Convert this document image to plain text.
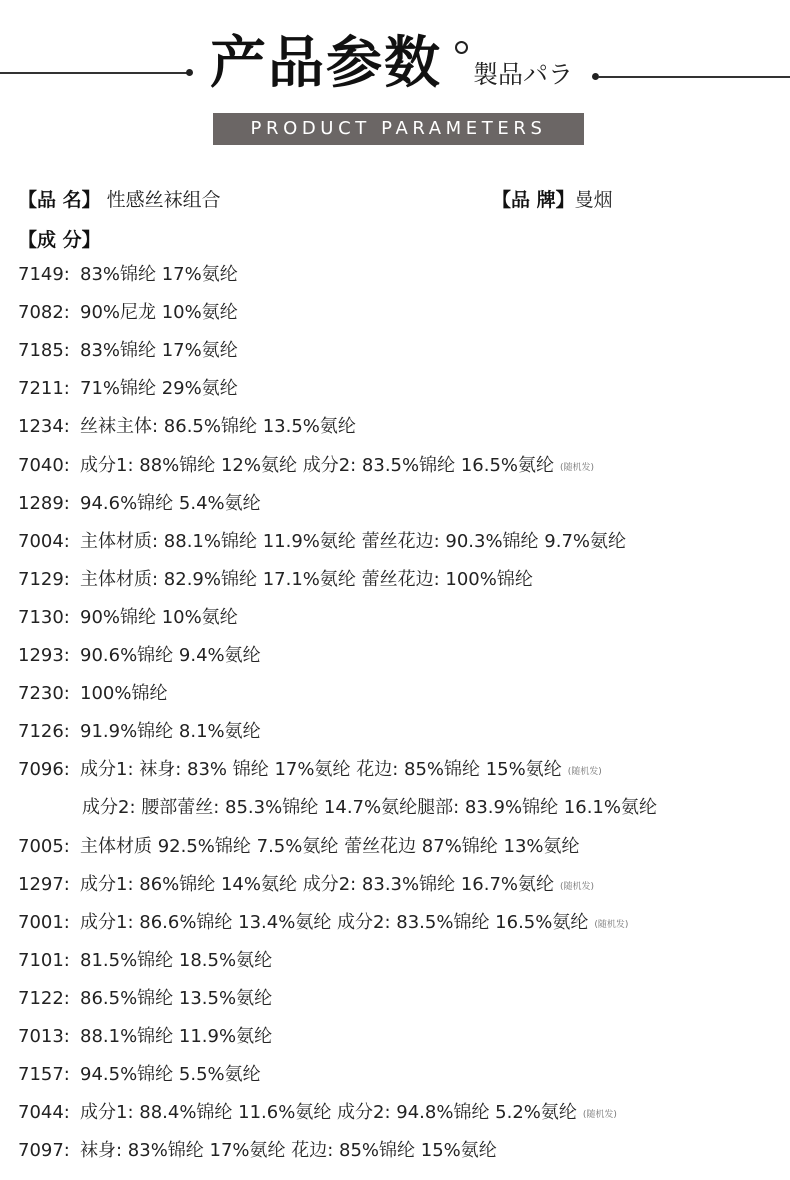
产品参数 製品パラ
PRODUCT PARAMETERS
【品 名】 性感丝袜组合	【品 牌】曼烟
【成 分】
7149: 83%锦纶 17%氨纶
7082: 90%尼龙 10%氨纶
7185: 83%锦纶 17%氨纶
7211: 71%锦纶 29%氨纶
1234: 丝袜主体: 86.5%锦纶 13.5%氨纶
7040: 成分1: 88%锦纶 12%氨纶 成分2: 83.5%锦纶 16.5%氨纶 (随机发)
1289: 94.6%锦纶 5.4%氨纶
7004: 主体材质: 88.1%锦纶 11.9%氨纶 蕾丝花边: 90.3%锦纶 9.7%氨纶
7129: 主体材质: 82.9%锦纶 17.1%氨纶 蕾丝花边: 100%锦纶
7130: 90%锦纶 10%氨纶
1293: 90.6%锦纶 9.4%氨纶
7230: 100%锦纶
7126: 91.9%锦纶 8.1%氨纶
7096: 成分1: 袜身: 83% 锦纶 17%氨纶 花边: 85%锦纶 15%氨纶 (随机发)
成分2: 腰部蕾丝: 85.3%锦纶 14.7%氨纶腿部: 83.9%锦纶 16.1%氨纶
7005: 主体材质 92.5%锦纶 7.5%氨纶 蕾丝花边 87%锦纶 13%氨纶
1297: 成分1: 86%锦纶 14%氨纶 成分2: 83.3%锦纶 16.7%氨纶 (随机发)
7001: 成分1: 86.6%锦纶 13.4%氨纶 成分2: 83.5%锦纶 16.5%氨纶 (随机发)
7101: 81.5%锦纶 18.5%氨纶
7122: 86.5%锦纶 13.5%氨纶
7013: 88.1%锦纶 11.9%氨纶
7157: 94.5%锦纶 5.5%氨纶
7044: 成分1: 88.4%锦纶 11.6%氨纶 成分2: 94.8%锦纶 5.2%氨纶 (随机发)
7097: 袜身: 83%锦纶 17%氨纶 花边: 85%锦纶 15%氨纶
